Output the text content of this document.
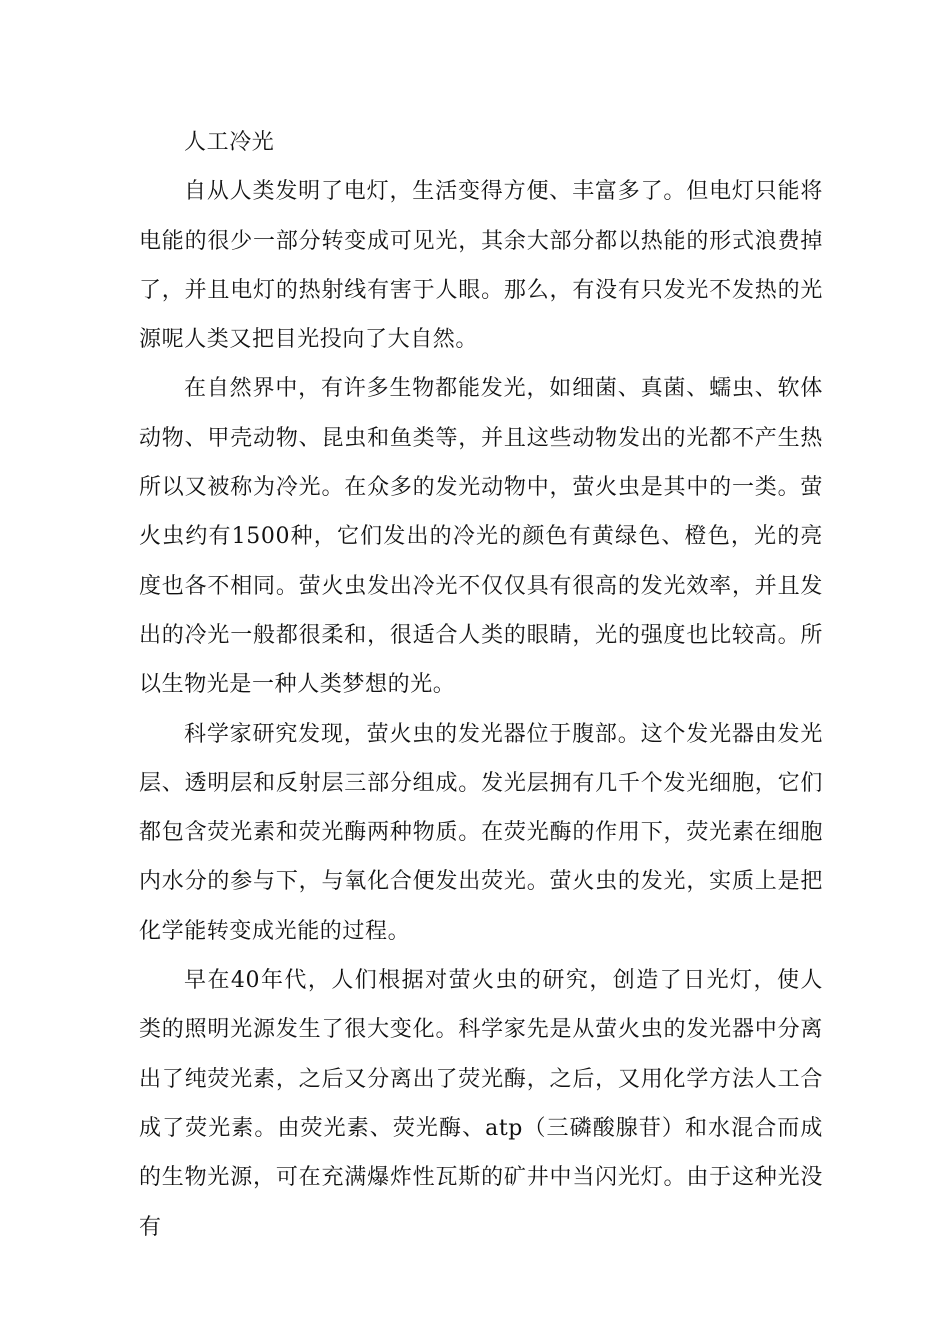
人工冷光

自从人类发明了电灯，生活变得方便、丰富多了。但电灯只能将电能的很少一部分转变成可见光，其余大部分都以热能的形式浪费掉了，并且电灯的热射线有害于人眼。那么，有没有只发光不发热的光源呢人类又把目光投向了大自然。

在自然界中，有许多生物都能发光，如细菌、真菌、蠕虫、软体动物、甲壳动物、昆虫和鱼类等，并且这些动物发出的光都不产生热所以又被称为冷光。在众多的发光动物中，萤火虫是其中的一类。萤火虫约有1500种，它们发出的冷光的颜色有黄绿色、橙色，光的亮度也各不相同。萤火虫发出冷光不仅仅具有很高的发光效率，并且发出的冷光一般都很柔和，很适合人类的眼睛，光的强度也比较高。所以生物光是一种人类梦想的光。

科学家研究发现，萤火虫的发光器位于腹部。这个发光器由发光层、透明层和反射层三部分组成。发光层拥有几千个发光细胞，它们都包含荧光素和荧光酶两种物质。在荧光酶的作用下，荧光素在细胞内水分的参与下，与氧化合便发出荧光。萤火虫的发光，实质上是把化学能转变成光能的过程。

早在40年代，人们根据对萤火虫的研究，创造了日光灯，使人类的照明光源发生了很大变化。科学家先是从萤火虫的发光器中分离出了纯荧光素，之后又分离出了荧光酶，之后，又用化学方法人工合成了荧光素。由荧光素、荧光酶、atp（三磷酸腺苷）和水混合而成的生物光源，可在充满爆炸性瓦斯的矿井中当闪光灯。由于这种光没有
